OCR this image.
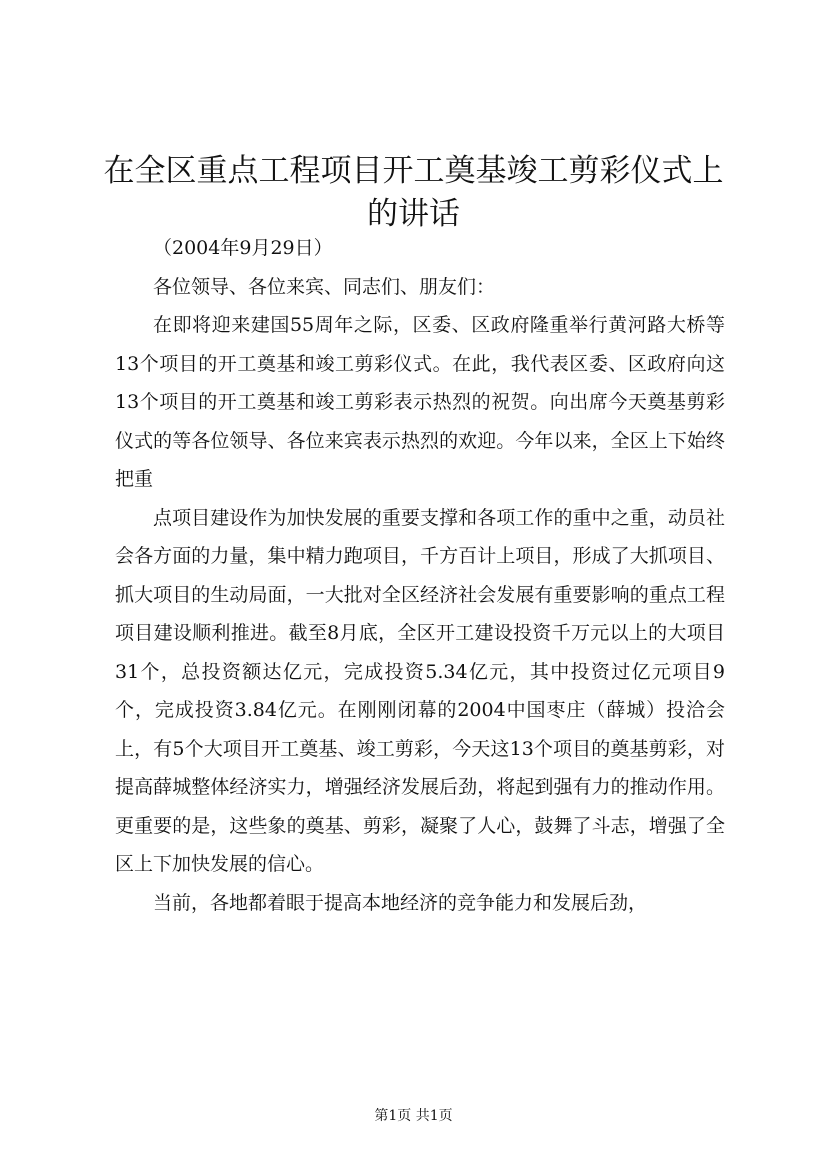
在全区重点工程项目开工奠基竣工剪彩仪式上的讲话

（2004年9月29日）

各位领导、各位来宾、同志们、朋友们：

在即将迎来建国55周年之际，区委、区政府隆重举行黄河路大桥等13个项目的开工奠基和竣工剪彩仪式。在此，我代表区委、区政府向这13个项目的开工奠基和竣工剪彩表示热烈的祝贺。向出席今天奠基剪彩仪式的等各位领导、各位来宾表示热烈的欢迎。今年以来，全区上下始终把重

点项目建设作为加快发展的重要支撑和各项工作的重中之重，动员社会各方面的力量，集中精力跑项目，千方百计上项目，形成了大抓项目、抓大项目的生动局面，一大批对全区经济社会发展有重要影响的重点工程项目建设顺利推进。截至8月底，全区开工建设投资千万元以上的大项目31个，总投资额达亿元，完成投资5.34亿元，其中投资过亿元项目9个，完成投资3.84亿元。在刚刚闭幕的2004中国枣庄（薛城）投洽会上，有5个大项目开工奠基、竣工剪彩，今天这13个项目的奠基剪彩，对提高薛城整体经济实力，增强经济发展后劲，将起到强有力的推动作用。更重要的是，这些象的奠基、剪彩，凝聚了人心，鼓舞了斗志，增强了全区上下加快发展的信心。

当前，各地都着眼于提高本地经济的竞争能力和发展后劲，

第1页 共1页
